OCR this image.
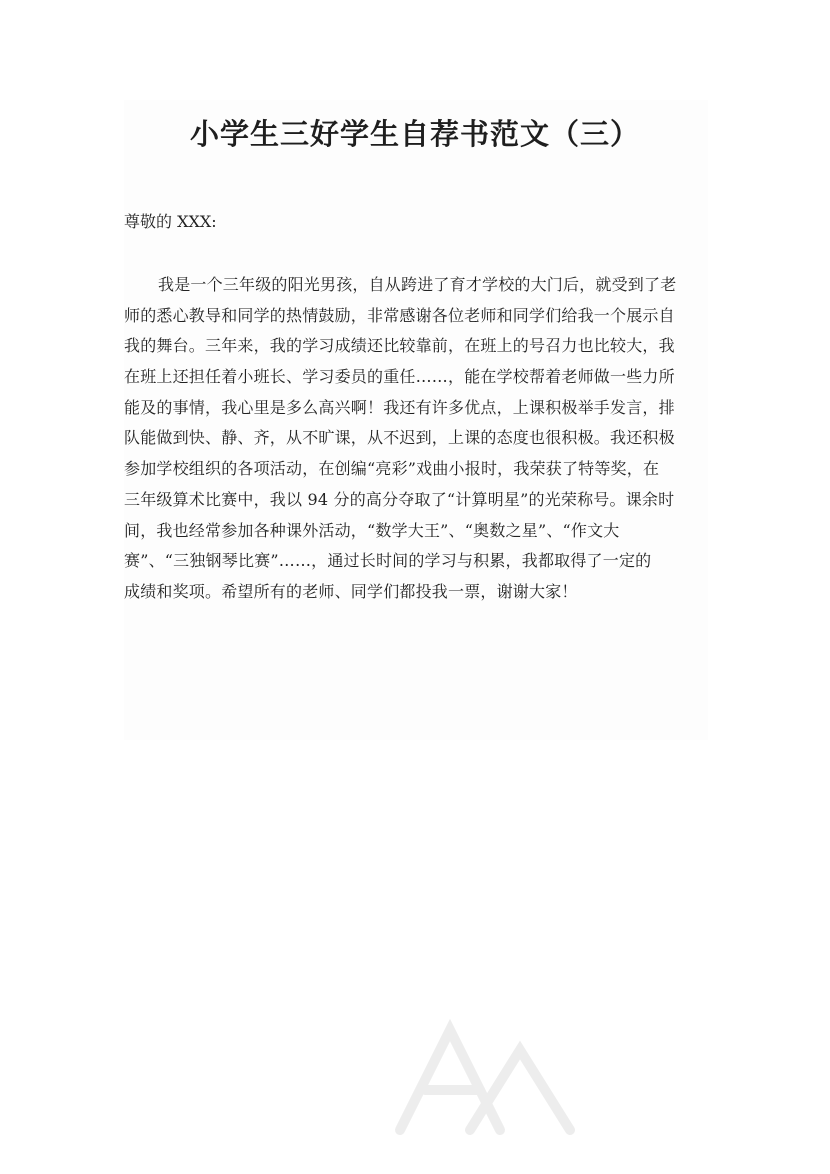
小学生三好学生自荐书范文（三）

尊敬的 XXX:

我是一个三年级的阳光男孩，自从跨进了育才学校的大门后，就受到了老
师的悉心教导和同学的热情鼓励，非常感谢各位老师和同学们给我一个展示自
我的舞台。三年来，我的学习成绩还比较靠前，在班上的号召力也比较大，我
在班上还担任着小班长、学习委员的重任……，能在学校帮着老师做一些力所
能及的事情，我心里是多么高兴啊！我还有许多优点，上课积极举手发言，排
队能做到快、静、齐，从不旷课，从不迟到，上课的态度也很积极。我还积极
参加学校组织的各项活动，在创编“亮彩”戏曲小报时，我荣获了特等奖，在
三年级算术比赛中，我以 94 分的高分夺取了“计算明星”的光荣称号。课余时
间，我也经常参加各种课外活动，“数学大王”、“奥数之星”、“作文大
赛”、“三独钢琴比赛”……，通过长时间的学习与积累，我都取得了一定的
成绩和奖项。希望所有的老师、同学们都投我一票，谢谢大家！
